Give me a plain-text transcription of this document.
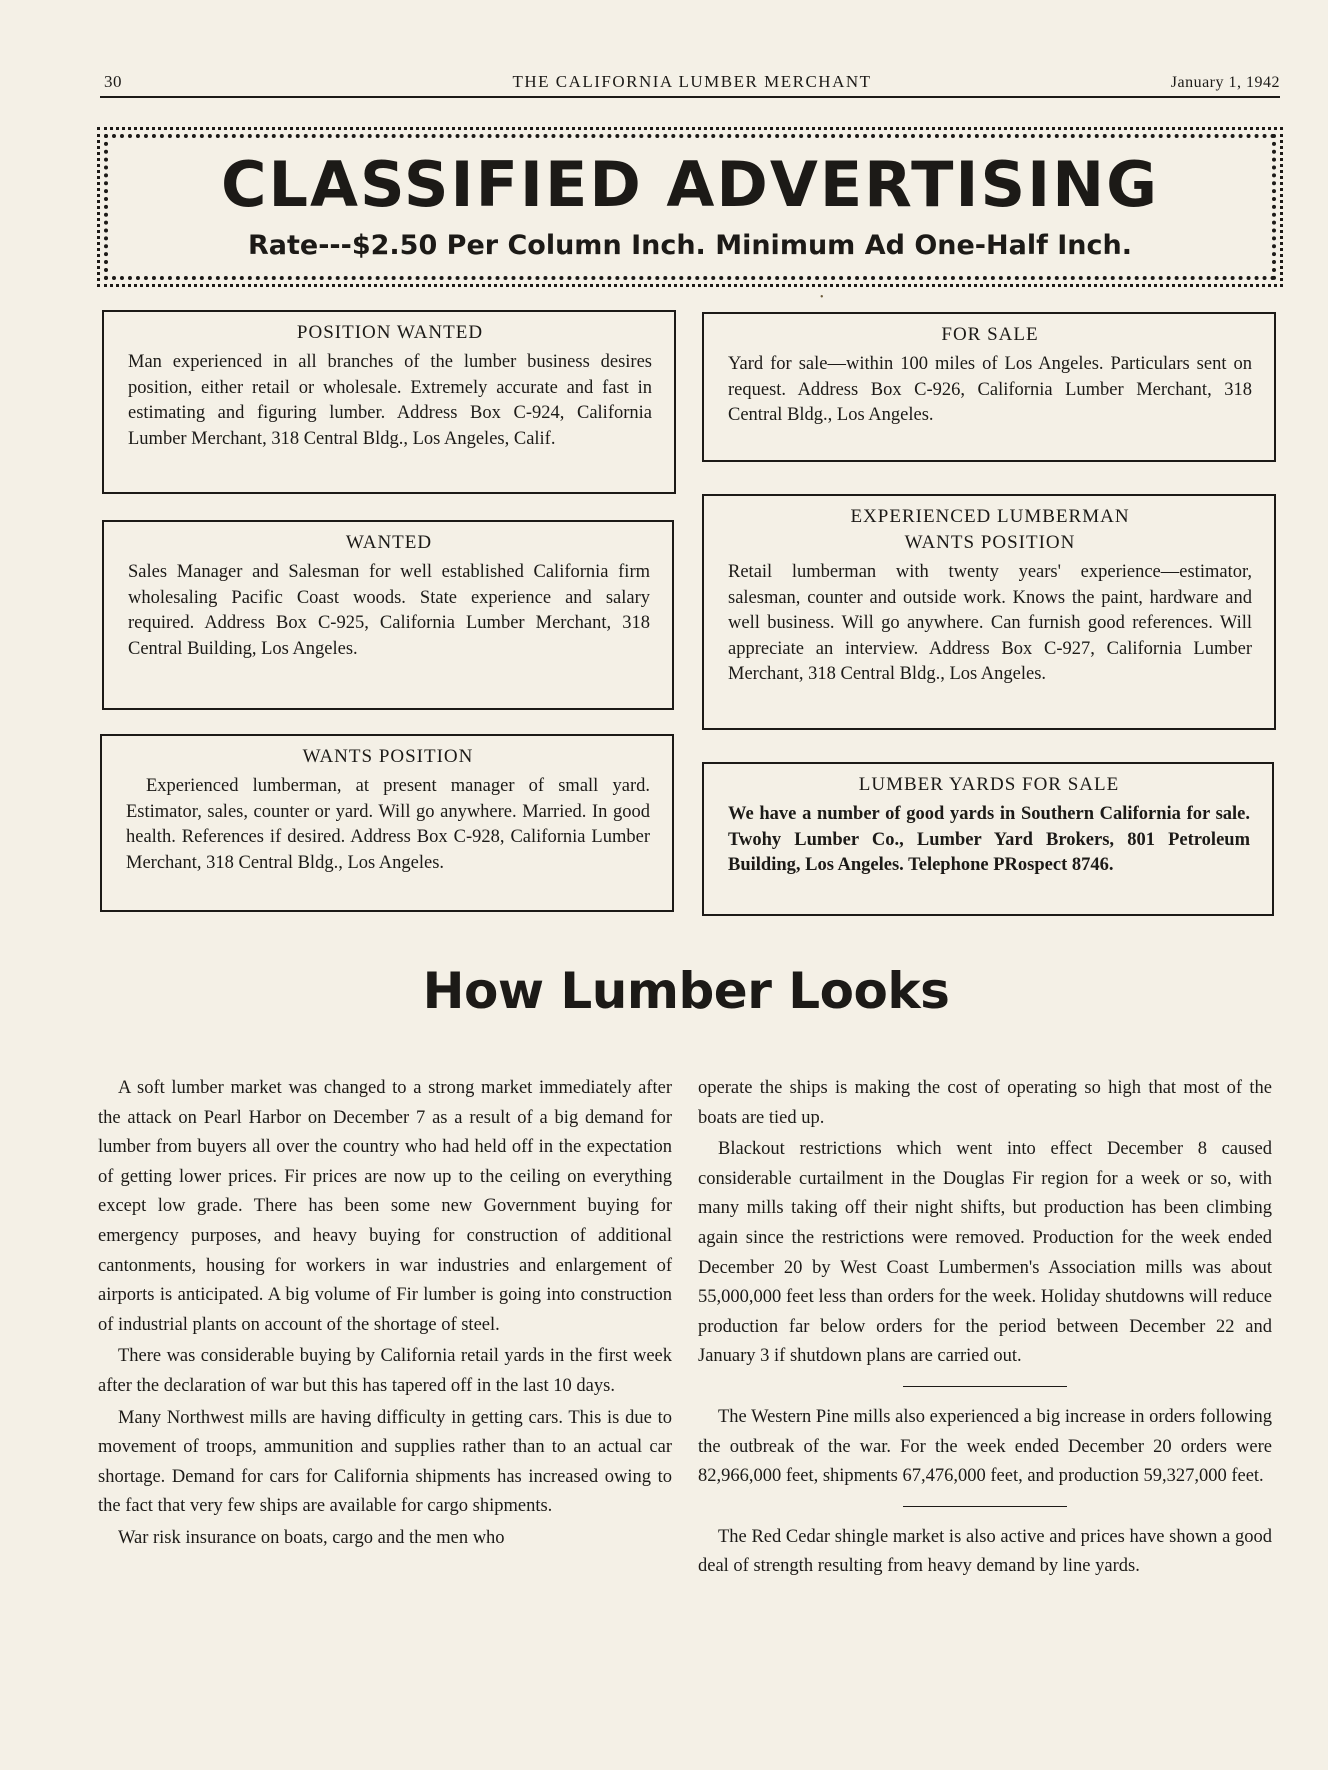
30	THE CALIFORNIA LUMBER MERCHANT	January 1, 1942
CLASSIFIED ADVERTISING
Rate---$2.50 Per Column Inch. Minimum Ad One-Half Inch.
•
POSITION WANTED
Man experienced in all branches of the lumber business desires position, either retail or wholesale. Extremely accurate and fast in estimating and figuring lumber. Address Box C-924, California Lumber Merchant, 318 Central Bldg., Los Angeles, Calif.
WANTED
Sales Manager and Salesman for well established California firm wholesaling Pacific Coast woods. State experience and salary required. Address Box C-925, California Lumber Merchant, 318 Central Building, Los Angeles.
WANTS POSITION
Experienced lumberman, at present manager of small yard. Estimator, sales, counter or yard. Will go anywhere. Married. In good health. References if desired. Address Box C-928, California Lumber Merchant, 318 Central Bldg., Los Angeles.
FOR SALE
Yard for sale—within 100 miles of Los Angeles. Particulars sent on request. Address Box C-926, California Lumber Merchant, 318 Central Bldg., Los Angeles.
EXPERIENCED LUMBERMAN
WANTS POSITION
Retail lumberman with twenty years' experience—estimator, salesman, counter and outside work. Knows the paint, hardware and well business. Will go anywhere. Can furnish good references. Will appreciate an interview. Address Box C-927, California Lumber Merchant, 318 Central Bldg., Los Angeles.
LUMBER YARDS FOR SALE
We have a number of good yards in Southern California for sale. Twohy Lumber Co., Lumber Yard Brokers, 801 Petroleum Building, Los Angeles. Telephone PRospect 8746.
How Lumber Looks

A soft lumber market was changed to a strong market immediately after the attack on Pearl Harbor on December 7 as a result of a big demand for lumber from buyers all over the country who had held off in the expectation of getting lower prices. Fir prices are now up to the ceiling on everything except low grade. There has been some new Government buying for emergency purposes, and heavy buying for construction of additional cantonments, housing for workers in war industries and enlargement of airports is anticipated. A big volume of Fir lumber is going into construction of industrial plants on account of the shortage of steel.

There was considerable buying by California retail yards in the first week after the declaration of war but this has tapered off in the last 10 days.

Many Northwest mills are having difficulty in getting cars. This is due to movement of troops, ammunition and supplies rather than to an actual car shortage. Demand for cars for California shipments has increased owing to the fact that very few ships are available for cargo shipments.

War risk insurance on boats, cargo and the men who

operate the ships is making the cost of operating so high that most of the boats are tied up.

Blackout restrictions which went into effect December 8 caused considerable curtailment in the Douglas Fir region for a week or so, with many mills taking off their night shifts, but production has been climbing again since the restrictions were removed. Production for the week ended December 20 by West Coast Lumbermen's Association mills was about 55,000,000 feet less than orders for the week. Holiday shutdowns will reduce production far below orders for the period between December 22 and January 3 if shutdown plans are carried out.

The Western Pine mills also experienced a big increase in orders following the outbreak of the war. For the week ended December 20 orders were 82,966,000 feet, shipments 67,476,000 feet, and production 59,327,000 feet.

The Red Cedar shingle market is also active and prices have shown a good deal of strength resulting from heavy demand by line yards.
